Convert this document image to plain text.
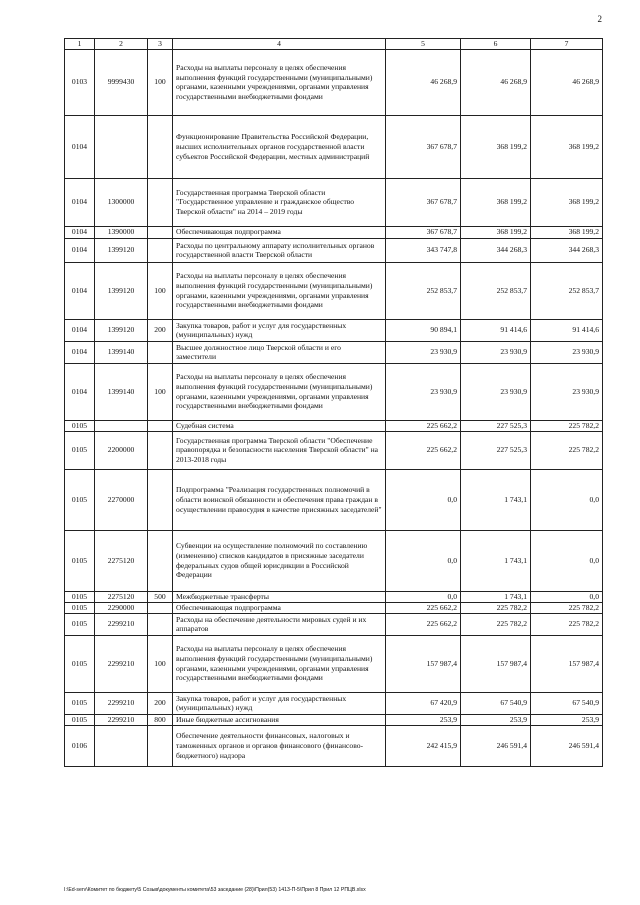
2
1	2	3	4	5	6	7
0103	9999430	100	Расходы на выплаты персоналу в целях обеспечения выполнения функций государственными (муниципальными) органами, казенными учреждениями, органами управления государственными внебюджетными фондами	46 268,9	46 268,9	46 268,9
0104			Функционирование Правительства Российской Федерации, высших исполнительных органов государственной власти субъектов Российской Федерации, местных администраций	367 678,7	368 199,2	368 199,2
0104	1300000		Государственная программа Тверской области "Государственное управление и гражданское общество Тверской области" на 2014 – 2019 годы	367 678,7	368 199,2	368 199,2
0104	1390000		Обеспечивающая подпрограмма	367 678,7	368 199,2	368 199,2
0104	1399120		Расходы по центральному аппарату исполнительных органов государственной власти Тверской области	343 747,8	344 268,3	344 268,3
0104	1399120	100	Расходы на выплаты персоналу в целях обеспечения выполнения функций государственными (муниципальными) органами, казенными учреждениями, органами управления государственными внебюджетными фондами	252 853,7	252 853,7	252 853,7
0104	1399120	200	Закупка товаров, работ и услуг для государственных (муниципальных) нужд	90 894,1	91 414,6	91 414,6
0104	1399140		Высшее должностное лицо Тверской области и его заместители	23 930,9	23 930,9	23 930,9
0104	1399140	100	Расходы на выплаты персоналу в целях обеспечения выполнения функций государственными (муниципальными) органами, казенными учреждениями, органами управления государственными внебюджетными фондами	23 930,9	23 930,9	23 930,9
0105			Судебная система	225 662,2	227 525,3	225 782,2
0105	2200000		Государственная программа Тверской области "Обеспечение правопорядка и безопасности населения Тверской области" на 2013-2018 годы	225 662,2	227 525,3	225 782,2
0105	2270000		Подпрограмма "Реализация государственных полномочий в области воинской обязанности и обеспечения права граждан в осуществлении правосудия в качестве присяжных заседателей"	0,0	1 743,1	0,0
0105	2275120		Субвенции на осуществление полномочий по составлению (изменению) списков кандидатов в присяжные заседатели федеральных судов общей юрисдикции в Российской Федерации	0,0	1 743,1	0,0
0105	2275120	500	Межбюджетные трансферты	0,0	1 743,1	0,0
0105	2290000		Обеспечивающая подпрограмма	225 662,2	225 782,2	225 782,2
0105	2299210		Расходы на обеспечение деятельности мировых судей и их аппаратов	225 662,2	225 782,2	225 782,2
0105	2299210	100	Расходы на выплаты персоналу в целях обеспечения выполнения функций государственными (муниципальными) органами, казенными учреждениями, органами управления государственными внебюджетными фондами	157 987,4	157 987,4	157 987,4
0105	2299210	200	Закупка товаров, работ и услуг для государственных (муниципальных) нужд	67 420,9	67 540,9	67 540,9
0105	2299210	800	Иные бюджетные ассигнования	253,9	253,9	253,9
0106			Обеспечение деятельности финансовых, налоговых и таможенных органов и органов финансового (финансово-бюджетного) надзора	242 415,9	246 591,4	246 591,4
I:\Ed-serv\Комитет по бюджету\5 Созыв\документы комитета\53 заседание (28)\Прил(53) 1413-П-5\Прил 8 Прил 12 РПЦВ.xlsx
